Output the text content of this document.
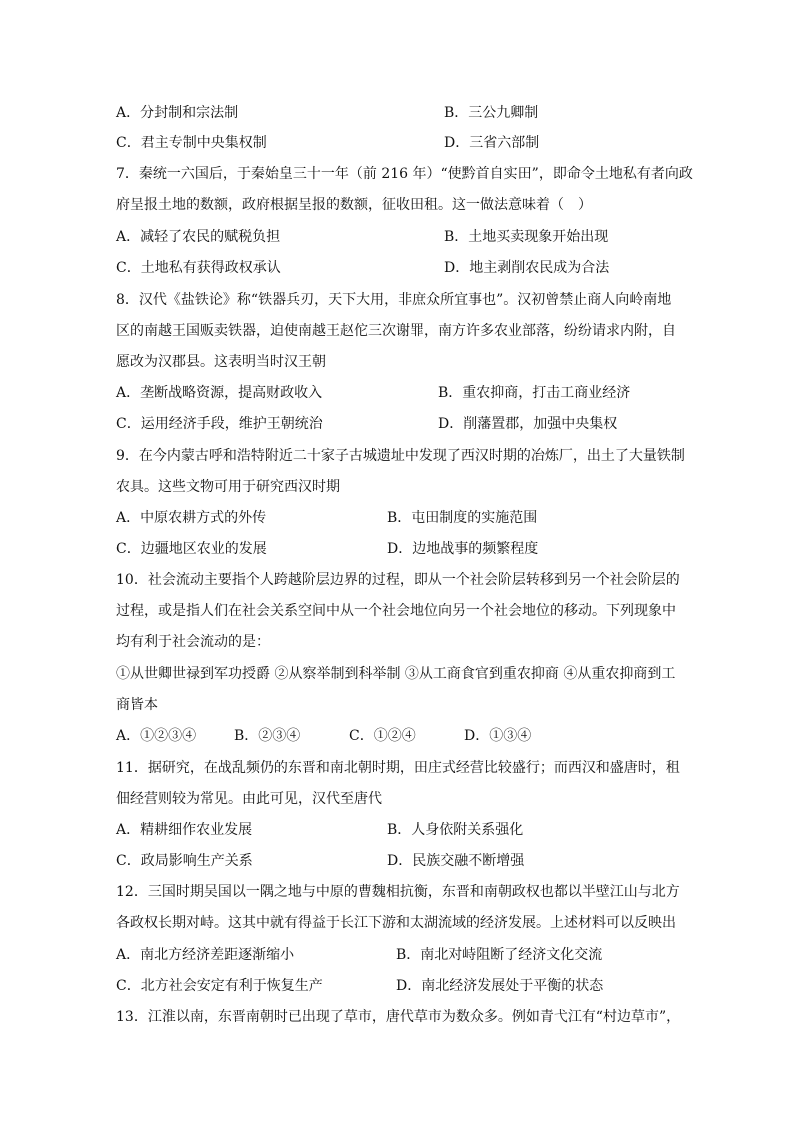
A．分封制和宗法制	B．三公九卿制
C．君主专制中央集权制	D．三省六部制
7．秦统一六国后，于秦始皇三十一年（前 216 年）“使黔首自实田”，即命令土地私有者向政
府呈报土地的数额，政府根据呈报的数额，征收田租。这一做法意味着（　）
A．减轻了农民的赋税负担	B．土地买卖现象开始出现
C．土地私有获得政权承认	D．地主剥削农民成为合法
8．汉代《盐铁论》称“铁器兵刃，天下大用，非庶众所宜事也”。汉初曾禁止商人向岭南地
区的南越王国贩卖铁器，迫使南越王赵佗三次谢罪，南方许多农业部落，纷纷请求内附，自
愿改为汉郡县。这表明当时汉王朝
A．垄断战略资源，提高财政收入	B．重农抑商，打击工商业经济
C．运用经济手段，维护王朝统治	D．削藩置郡，加强中央集权
9．在今内蒙古呼和浩特附近二十家子古城遗址中发现了西汉时期的冶炼厂，出土了大量铁制
农具。这些文物可用于研究西汉时期
A．中原农耕方式的外传	B．屯田制度的实施范围
C．边疆地区农业的发展	D．边地战事的频繁程度
10．社会流动主要指个人跨越阶层边界的过程，即从一个社会阶层转移到另一个社会阶层的
过程，或是指人们在社会关系空间中从一个社会地位向另一个社会地位的移动。下列现象中
均有利于社会流动的是：
①从世卿世禄到军功授爵 ②从察举制到科举制 ③从工商食官到重农抑商 ④从重农抑商到工
商皆本
A．①②③④	B．②③④	C．①②④	D．①③④
11．据研究，在战乱频仍的东晋和南北朝时期，田庄式经营比较盛行；而西汉和盛唐时，租
佃经营则较为常见。由此可见，汉代至唐代
A．精耕细作农业发展	B．人身依附关系强化
C．政局影响生产关系	D．民族交融不断增强
12．三国时期吴国以一隅之地与中原的曹魏相抗衡，东晋和南朝政权也都以半壁江山与北方
各政权长期对峙。这其中就有得益于长江下游和太湖流域的经济发展。上述材料可以反映出
A．南北方经济差距逐渐缩小	B．南北对峙阻断了经济文化交流
C．北方社会安定有利于恢复生产	D．南北经济发展处于平衡的状态
13．江淮以南，东晋南朝时已出现了草市，唐代草市为数众多。例如青弋江有“村边草市”，
